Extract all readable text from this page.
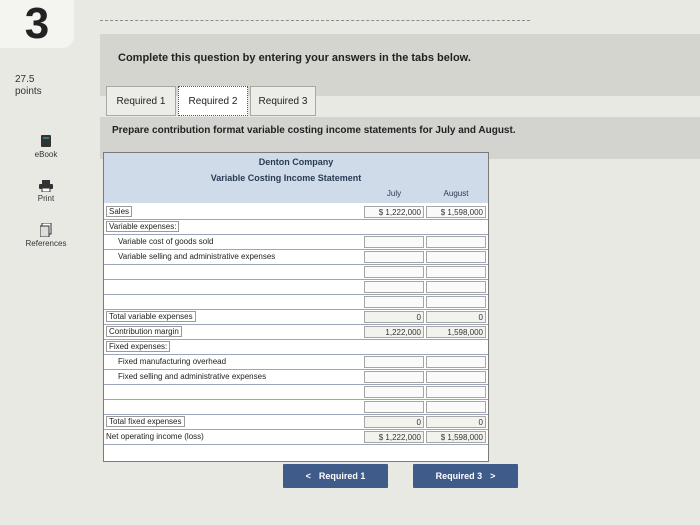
3
Complete this question by entering your answers in the tabs below.
27.5
points
eBook
Print
References
Required 1	Required 2	Required 3
Prepare contribution format variable costing income statements for July and August.
Denton Company
Variable Costing Income Statement
July	August
Sales	$ 1,222,000	$ 1,598,000
Variable expenses:
Variable cost of goods sold
Variable selling and administrative expenses
Total variable expenses	0	0
Contribution margin	1,222,000	1,598,000
Fixed expenses:
Fixed manufacturing overhead
Fixed selling and administrative expenses
Total fixed expenses	0	0
Net operating income (loss)	$ 1,222,000	$ 1,598,000
< Required 1	Required 3 >
